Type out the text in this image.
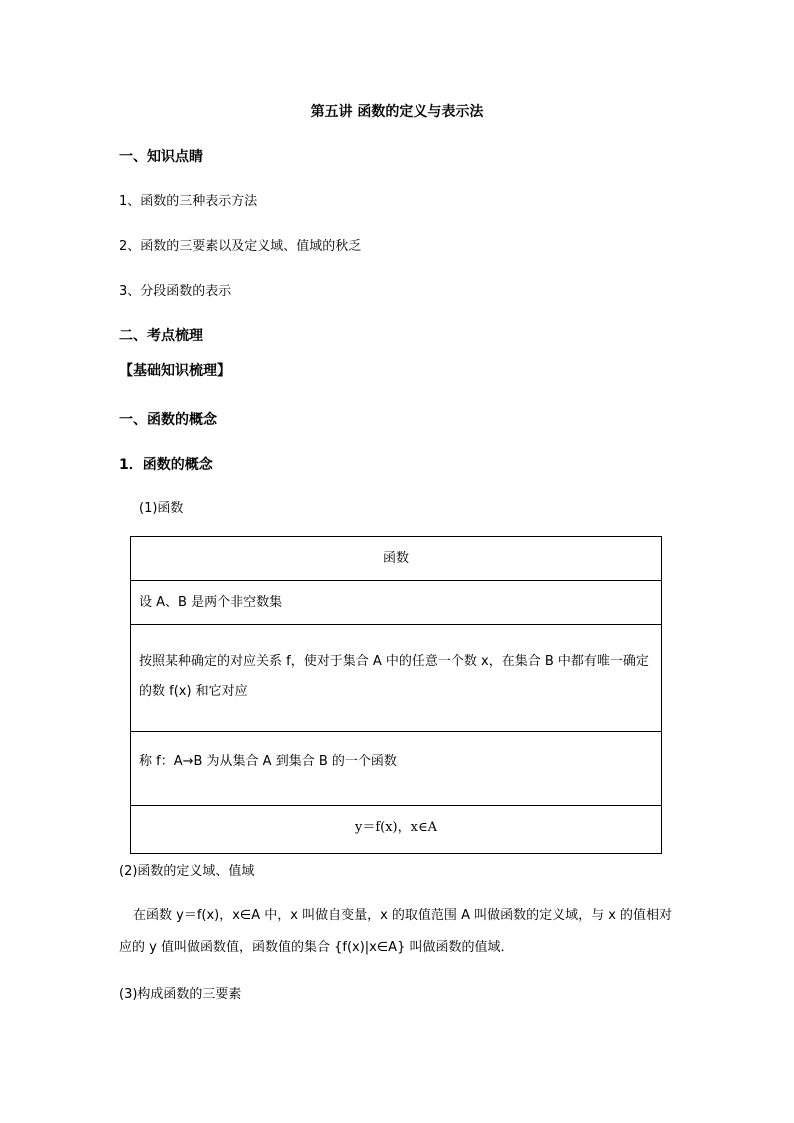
第五讲 函数的定义与表示法
一、知识点睛
1、函数的三种表示方法
2、函数的三要素以及定义域、值域的秋乏
3、分段函数的表示
二、考点梳理
【基础知识梳理】
一、函数的概念
1．函数的概念
(1)函数
函数
设 A、B 是两个非空数集
按照某种确定的对应关系 f，使对于集合 A 中的任意一个数 x，在集合 B 中都有唯一确定的数 f(x) 和它对应
称 f：A→B 为从集合 A 到集合 B 的一个函数
y＝f(x)，x∈A
(2)函数的定义域、值域
在函数 y＝f(x)，x∈A 中，x 叫做自变量，x 的取值范围 A 叫做函数的定义域，与 x 的值相对应的 y 值叫做函数值，函数值的集合 {f(x)|x∈A} 叫做函数的值域．
(3)构成函数的三要素
